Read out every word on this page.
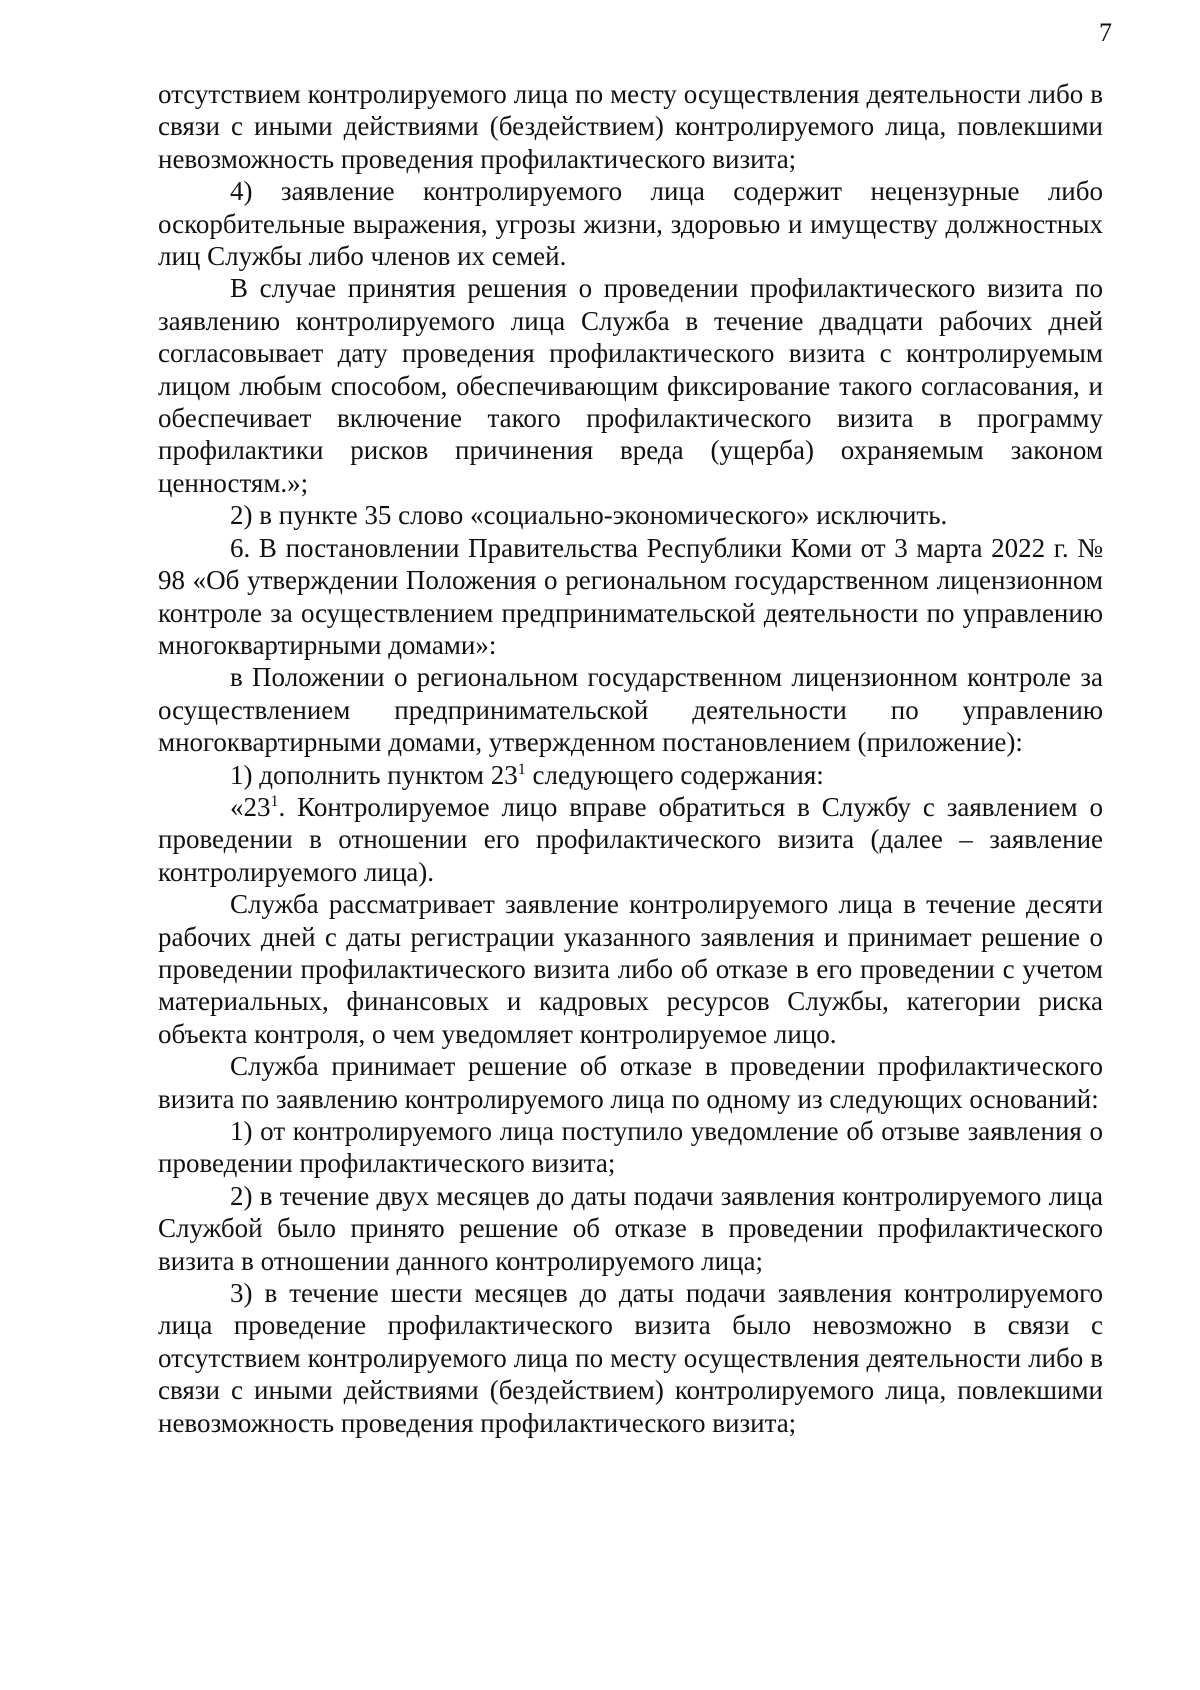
7

отсутствием контролируемого лица по месту осуществления деятельности либо в связи с иными действиями (бездействием) контролируемого лица, повлекшими невозможность проведения профилактического визита;

4) заявление контролируемого лица содержит нецензурные либо оскорбительные выражения, угрозы жизни, здоровью и имуществу должностных лиц Службы либо членов их семей.

В случае принятия решения о проведении профилактического визита по заявлению контролируемого лица Служба в течение двадцати рабочих дней согласовывает дату проведения профилактического визита с контролируемым лицом любым способом, обеспечивающим фиксирование такого согласования, и обеспечивает включение такого профилактического визита в программу профилактики рисков причинения вреда (ущерба) охраняемым законом ценностям.»;

2) в пункте 35 слово «социально-экономического» исключить.

6. В постановлении Правительства Республики Коми от 3 марта 2022 г. № 98 «Об утверждении Положения о региональном государственном лицензионном контроле за осуществлением предпринимательской деятельности по управлению многоквартирными домами»:

в Положении о региональном государственном лицензионном контроле за осуществлением предпринимательской деятельности по управлению многоквартирными домами, утвержденном постановлением (приложение):

1) дополнить пунктом $23^1$ следующего содержания:

«$23^1$. Контролируемое лицо вправе обратиться в Службу с заявлением о проведении в отношении его профилактического визита (далее – заявление контролируемого лица).

Служба рассматривает заявление контролируемого лица в течение десяти рабочих дней с даты регистрации указанного заявления и принимает решение о проведении профилактического визита либо об отказе в его проведении с учетом материальных, финансовых и кадровых ресурсов Службы, категории риска объекта контроля, о чем уведомляет контролируемое лицо.

Служба принимает решение об отказе в проведении профилактического визита по заявлению контролируемого лица по одному из следующих оснований:

1) от контролируемого лица поступило уведомление об отзыве заявления о проведении профилактического визита;

2) в течение двух месяцев до даты подачи заявления контролируемого лица Службой было принято решение об отказе в проведении профилактического визита в отношении данного контролируемого лица;

3) в течение шести месяцев до даты подачи заявления контролируемого лица проведение профилактического визита было невозможно в связи с отсутствием контролируемого лица по месту осуществления деятельности либо в связи с иными действиями (бездействием) контролируемого лица, повлекшими невозможность проведения профилактического визита;
